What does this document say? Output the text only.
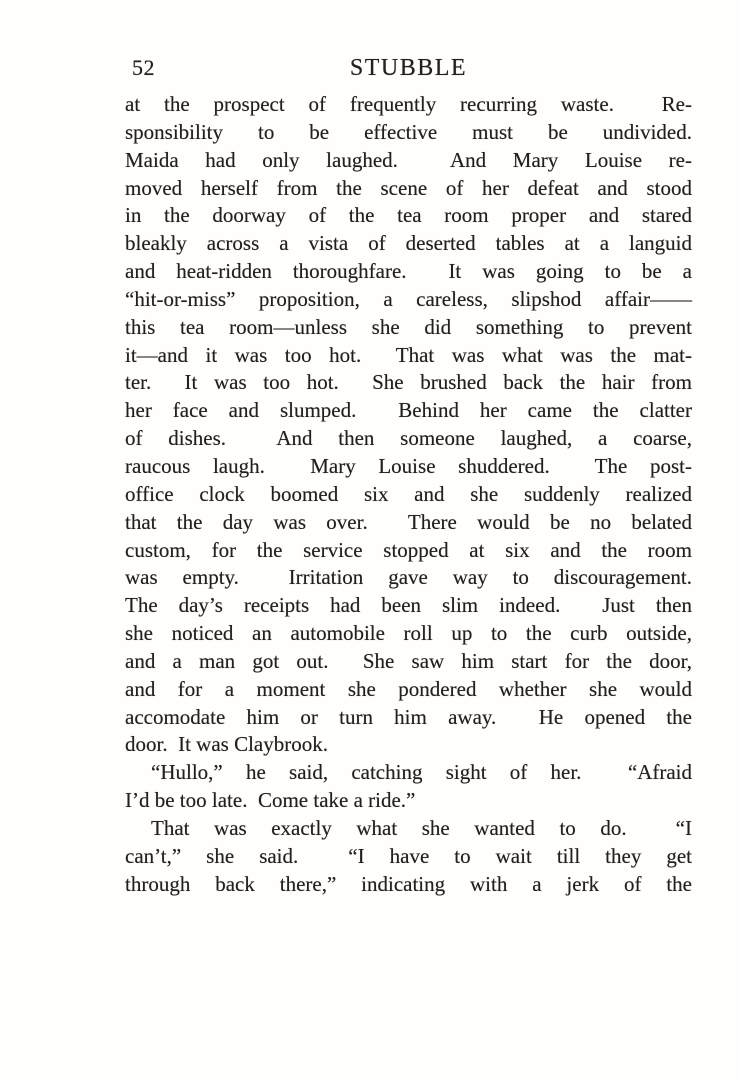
52	STUBBLE
at the prospect of frequently recurring waste.  Re-
sponsibility to be effective must be undivided.
Maida had only laughed.  And Mary Louise re-
moved herself from the scene of her defeat and stood
in the doorway of the tea room proper and stared
bleakly across a vista of deserted tables at a languid
and heat-ridden thoroughfare.  It was going to be a
“hit-or-miss” proposition, a careless, slipshod affair——
this tea room—unless she did something to prevent
it—and it was too hot.  That was what was the mat-
ter.  It was too hot.  She brushed back the hair from
her face and slumped.  Behind her came the clatter
of dishes.  And then someone laughed, a coarse,
raucous laugh.  Mary Louise shuddered.  The post-
office clock boomed six and she suddenly realized
that the day was over.  There would be no belated
custom, for the service stopped at six and the room
was empty.  Irritation gave way to discouragement.
The day’s receipts had been slim indeed.  Just then
she noticed an automobile roll up to the curb outside,
and a man got out.  She saw him start for the door,
and for a moment she pondered whether she would
accomodate him or turn him away.  He opened the
door.  It was Claybrook.
“Hullo,” he said, catching sight of her.  “Afraid
I’d be too late.  Come take a ride.”
That was exactly what she wanted to do.  “I
can’t,” she said.  “I have to wait till they get
through back there,” indicating with a jerk of the
